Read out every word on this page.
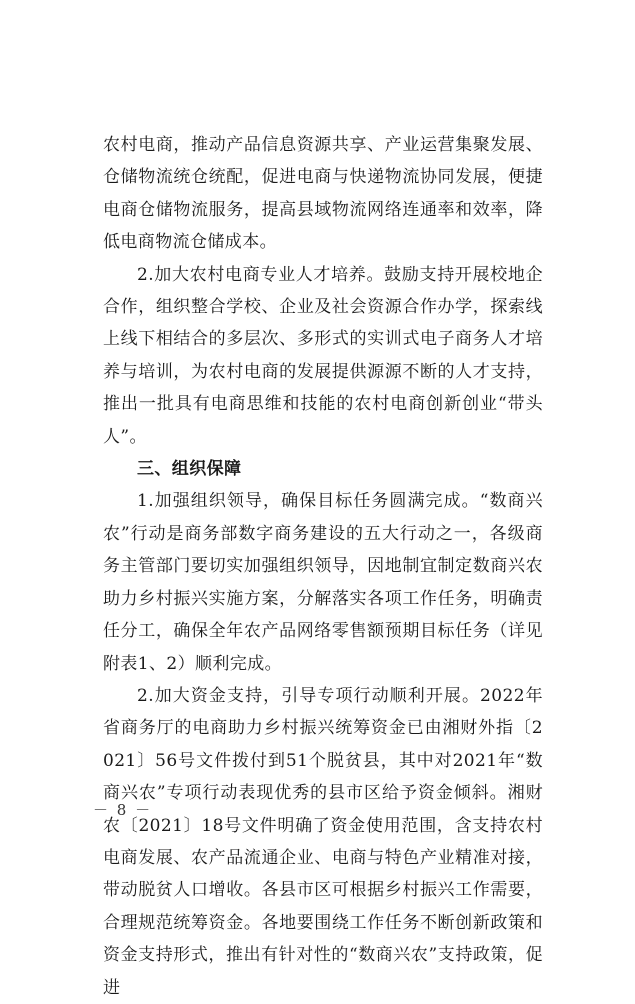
农村电商，推动产品信息资源共享、产业运营集聚发展、仓储物流统仓统配，促进电商与快递物流协同发展，便捷电商仓储物流服务，提高县域物流网络连通率和效率，降低电商物流仓储成本。

2.加大农村电商专业人才培养。鼓励支持开展校地企合作，组织整合学校、企业及社会资源合作办学，探索线上线下相结合的多层次、多形式的实训式电子商务人才培养与培训，为农村电商的发展提供源源不断的人才支持，推出一批具有电商思维和技能的农村电商创新创业“带头人”。

三、组织保障

1.加强组织领导，确保目标任务圆满完成。“数商兴农”行动是商务部数字商务建设的五大行动之一，各级商务主管部门要切实加强组织领导，因地制宜制定数商兴农助力乡村振兴实施方案，分解落实各项工作任务，明确责任分工，确保全年农产品网络零售额预期目标任务（详见附表1、2）顺利完成。

2.加大资金支持，引导专项行动顺利开展。2022年省商务厅的电商助力乡村振兴统筹资金已由湘财外指〔2021〕56号文件拨付到51个脱贫县，其中对2021年“数商兴农”专项行动表现优秀的县市区给予资金倾斜。湘财农〔2021〕18号文件明确了资金使用范围，含支持农村电商发展、农产品流通企业、电商与特色产业精准对接，带动脱贫人口增收。各县市区可根据乡村振兴工作需要，合理规范统筹资金。各地要围绕工作任务不断创新政策和资金支持形式，推出有针对性的“数商兴农”支持政策，促进

－ 8 －
